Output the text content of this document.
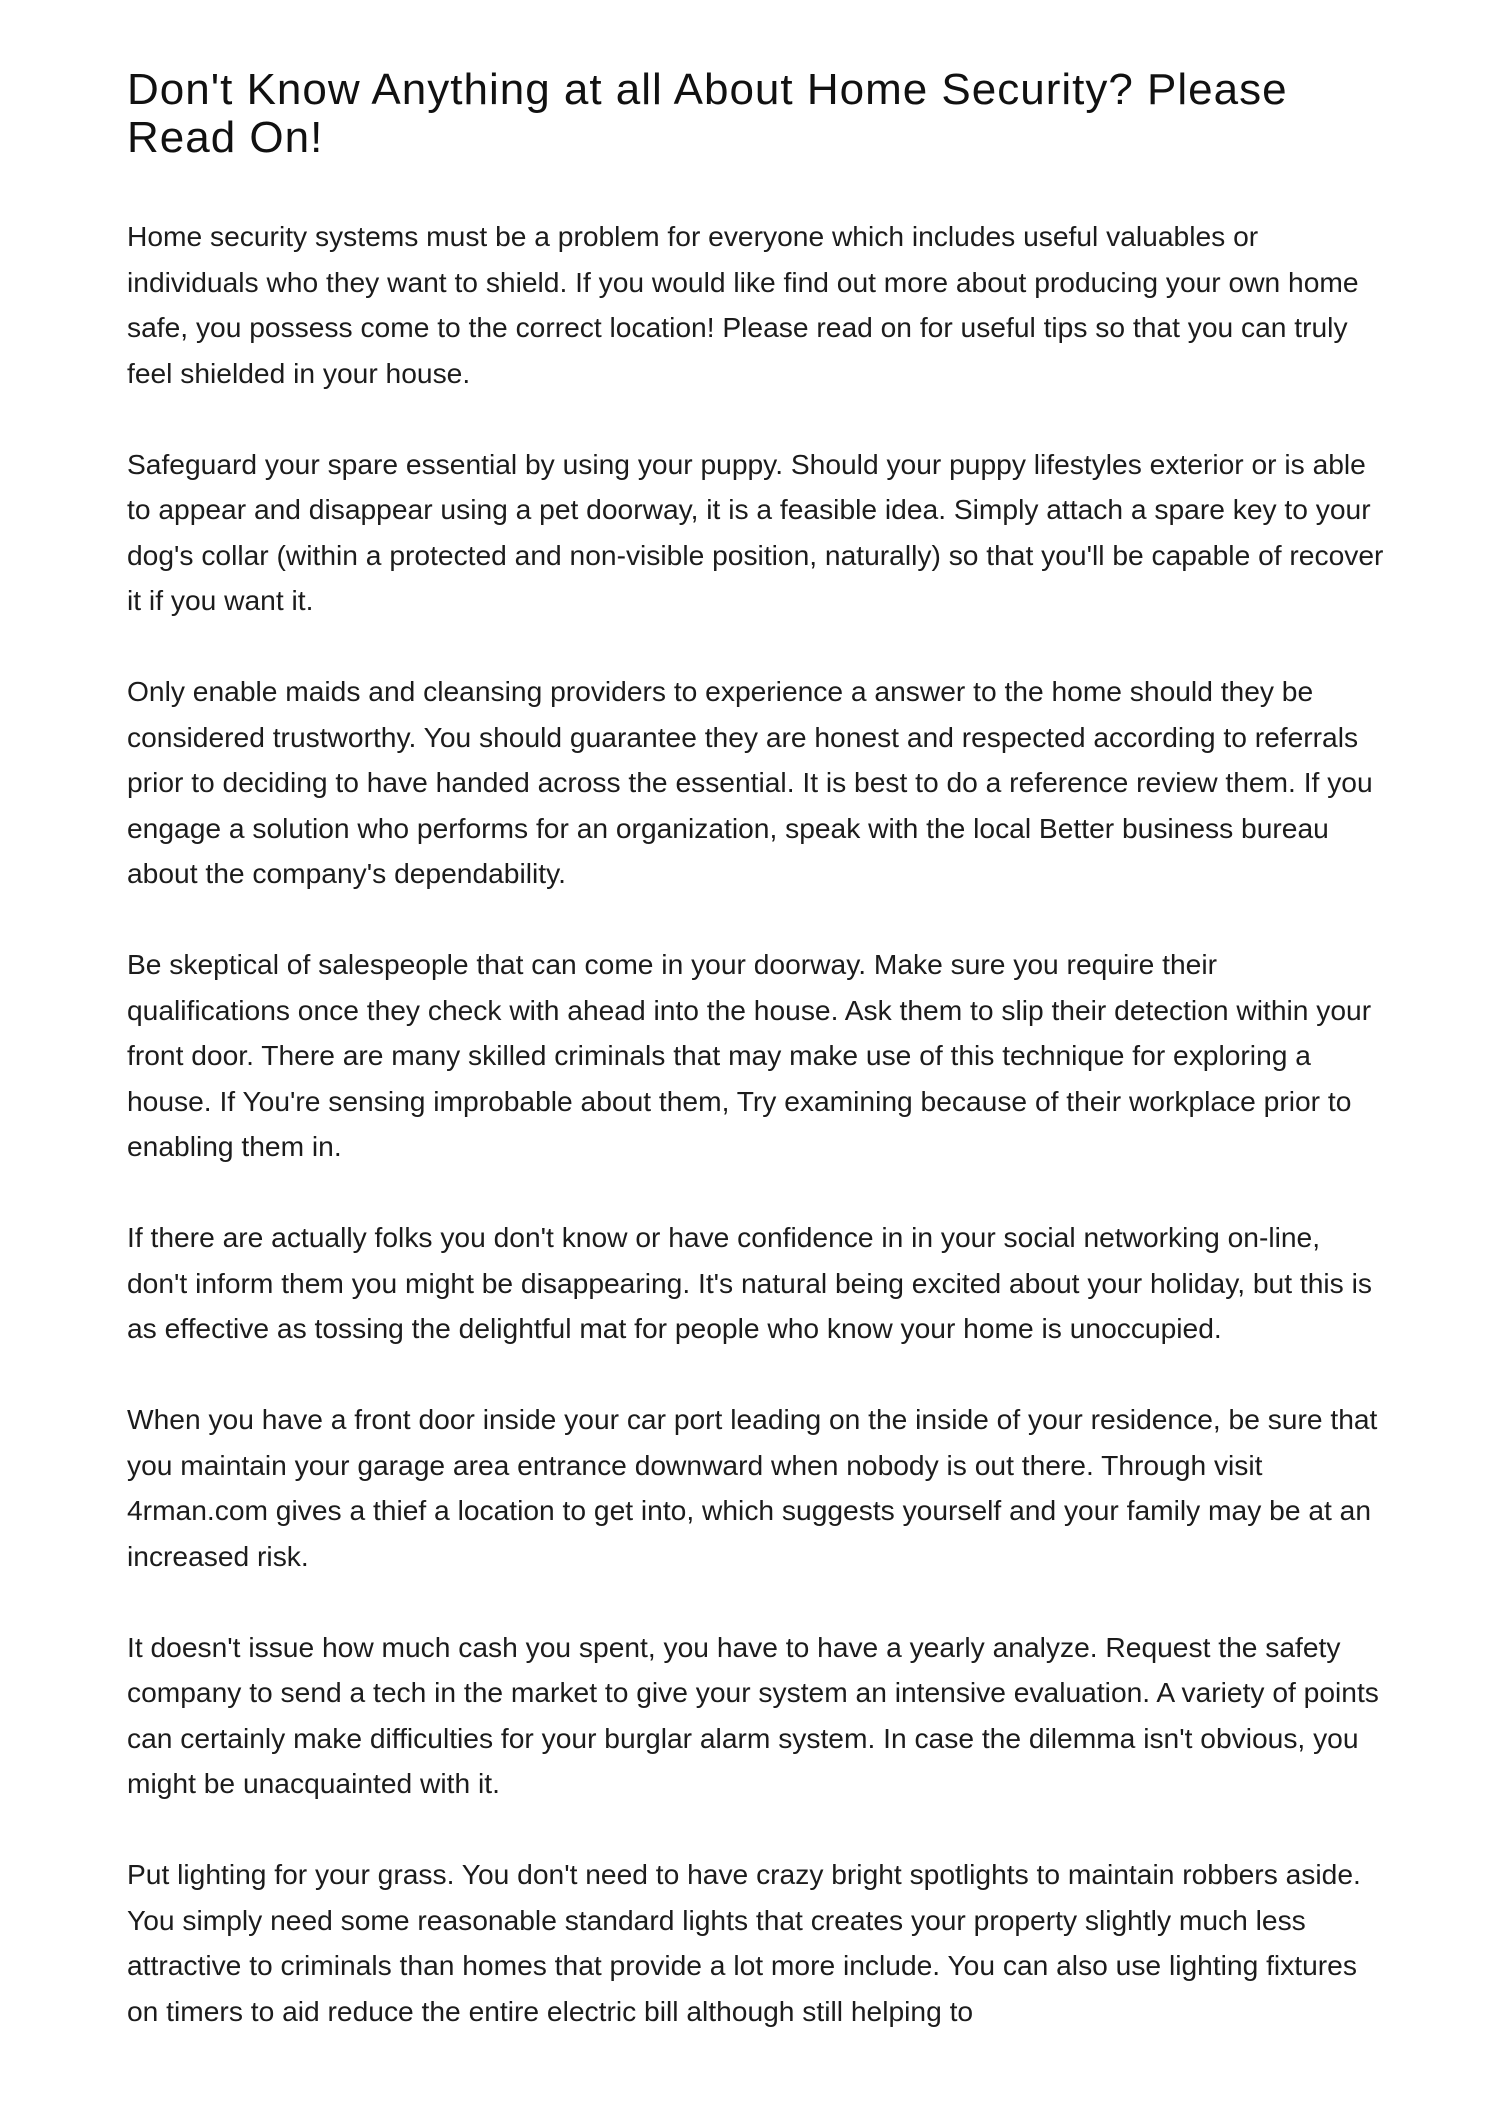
Don't Know Anything at all About Home Security? Please Read On!

Home security systems must be a problem for everyone which includes useful valuables or individuals who they want to shield. If you would like find out more about producing your own home safe, you possess come to the correct location! Please read on for useful tips so that you can truly feel shielded in your house.

Safeguard your spare essential by using your puppy. Should your puppy lifestyles exterior or is able to appear and disappear using a pet doorway, it is a feasible idea. Simply attach a spare key to your dog's collar (within a protected and non-visible position, naturally) so that you'll be capable of recover it if you want it.

Only enable maids and cleansing providers to experience a answer to the home should they be considered trustworthy. You should guarantee they are honest and respected according to referrals prior to deciding to have handed across the essential. It is best to do a reference review them. If you engage a solution who performs for an organization, speak with the local Better business bureau about the company's dependability.

Be skeptical of salespeople that can come in your doorway. Make sure you require their qualifications once they check with ahead into the house. Ask them to slip their detection within your front door. There are many skilled criminals that may make use of this technique for exploring a house. If You're sensing improbable about them, Try examining because of their workplace prior to enabling them in.

If there are actually folks you don't know or have confidence in in your social networking on-line, don't inform them you might be disappearing. It's natural being excited about your holiday, but this is as effective as tossing the delightful mat for people who know your home is unoccupied.

When you have a front door inside your car port leading on the inside of your residence, be sure that you maintain your garage area entrance downward when nobody is out there. Through visit 4rman.com gives a thief a location to get into, which suggests yourself and your family may be at an increased risk.

It doesn't issue how much cash you spent, you have to have a yearly analyze. Request the safety company to send a tech in the market to give your system an intensive evaluation. A variety of points can certainly make difficulties for your burglar alarm system. In case the dilemma isn't obvious, you might be unacquainted with it.

Put lighting for your grass. You don't need to have crazy bright spotlights to maintain robbers aside. You simply need some reasonable standard lights that creates your property slightly much less attractive to criminals than homes that provide a lot more include. You can also use lighting fixtures on timers to aid reduce the entire electric bill although still helping to
